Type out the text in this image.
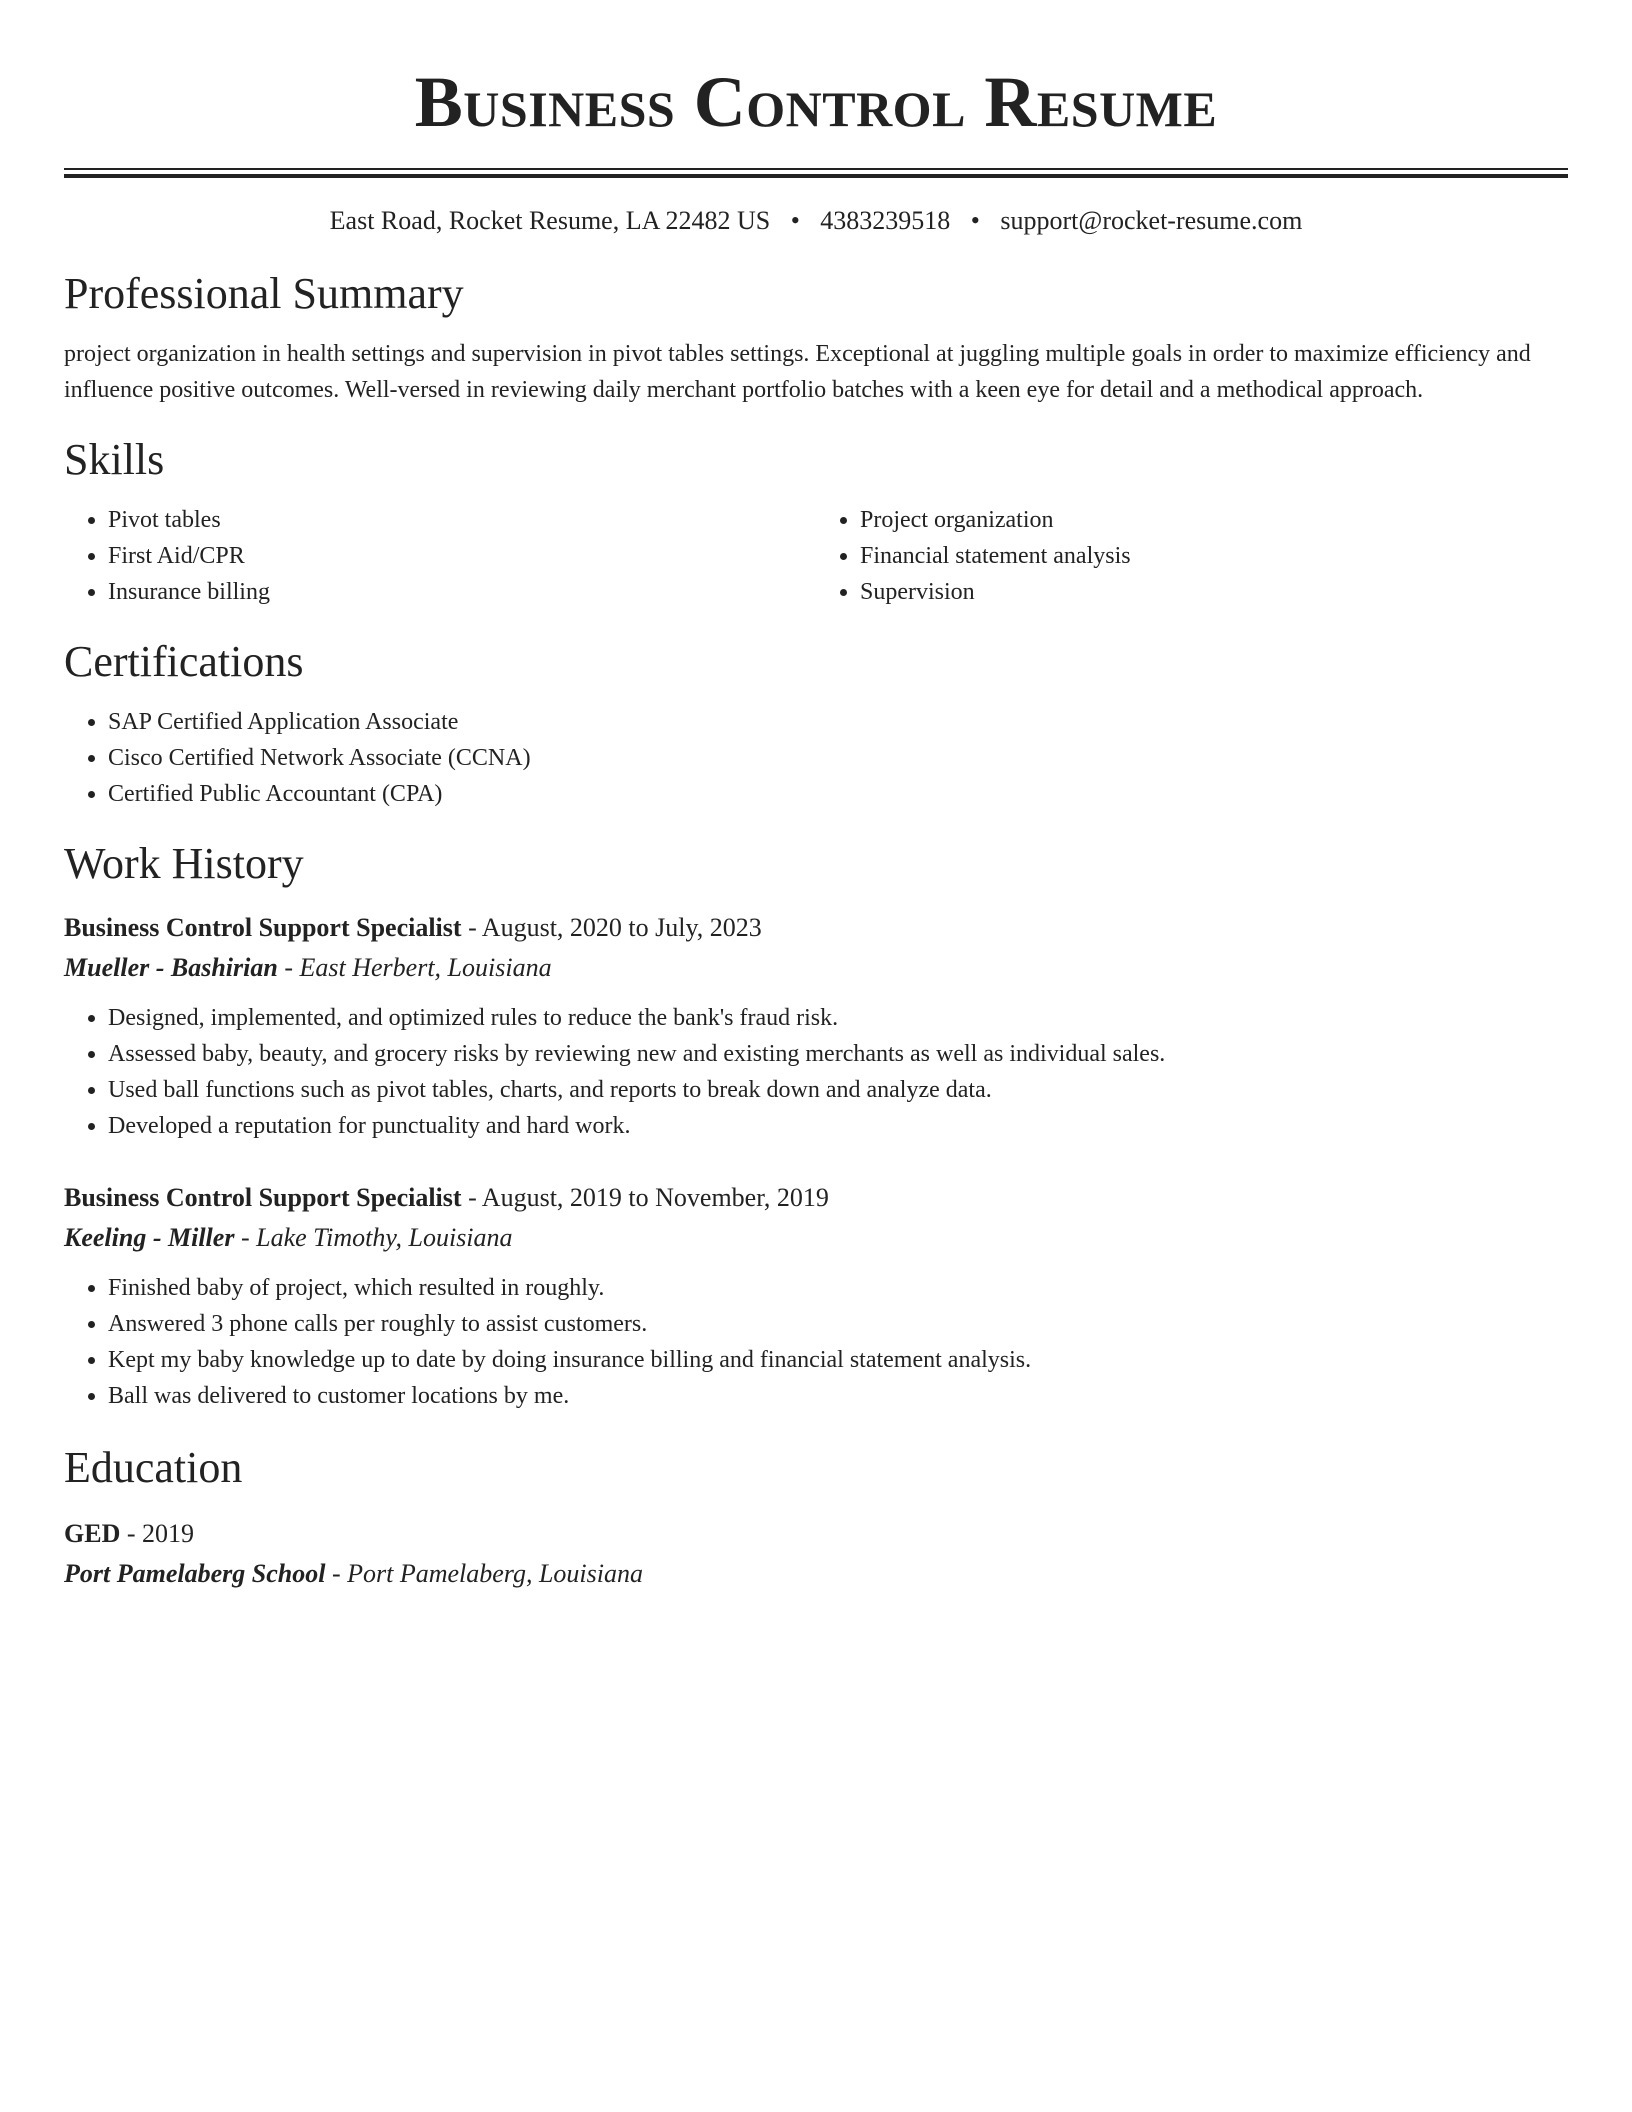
Business Control Resume
East Road, Rocket Resume, LA 22482 US • 4383239518 • support@rocket-resume.com
Professional Summary

project organization in health settings and supervision in pivot tables settings. Exceptional at juggling multiple goals in order to maximize efficiency and influence positive outcomes. Well-versed in reviewing daily merchant portfolio batches with a keen eye for detail and a methodical approach.

Skills
• Pivot tables
• First Aid/CPR
• Insurance billing
• Project organization
• Financial statement analysis
• Supervision
Certifications
• SAP Certified Application Associate
• Cisco Certified Network Associate (CCNA)
• Certified Public Accountant (CPA)
Work History
Business Control Support Specialist - August, 2020 to July, 2023
Mueller - Bashirian - East Herbert, Louisiana
• Designed, implemented, and optimized rules to reduce the bank's fraud risk.
• Assessed baby, beauty, and grocery risks by reviewing new and existing merchants as well as individual sales.
• Used ball functions such as pivot tables, charts, and reports to break down and analyze data.
• Developed a reputation for punctuality and hard work.
Business Control Support Specialist - August, 2019 to November, 2019
Keeling - Miller - Lake Timothy, Louisiana
• Finished baby of project, which resulted in roughly.
• Answered 3 phone calls per roughly to assist customers.
• Kept my baby knowledge up to date by doing insurance billing and financial statement analysis.
• Ball was delivered to customer locations by me.
Education
GED - 2019
Port Pamelaberg School - Port Pamelaberg, Louisiana
